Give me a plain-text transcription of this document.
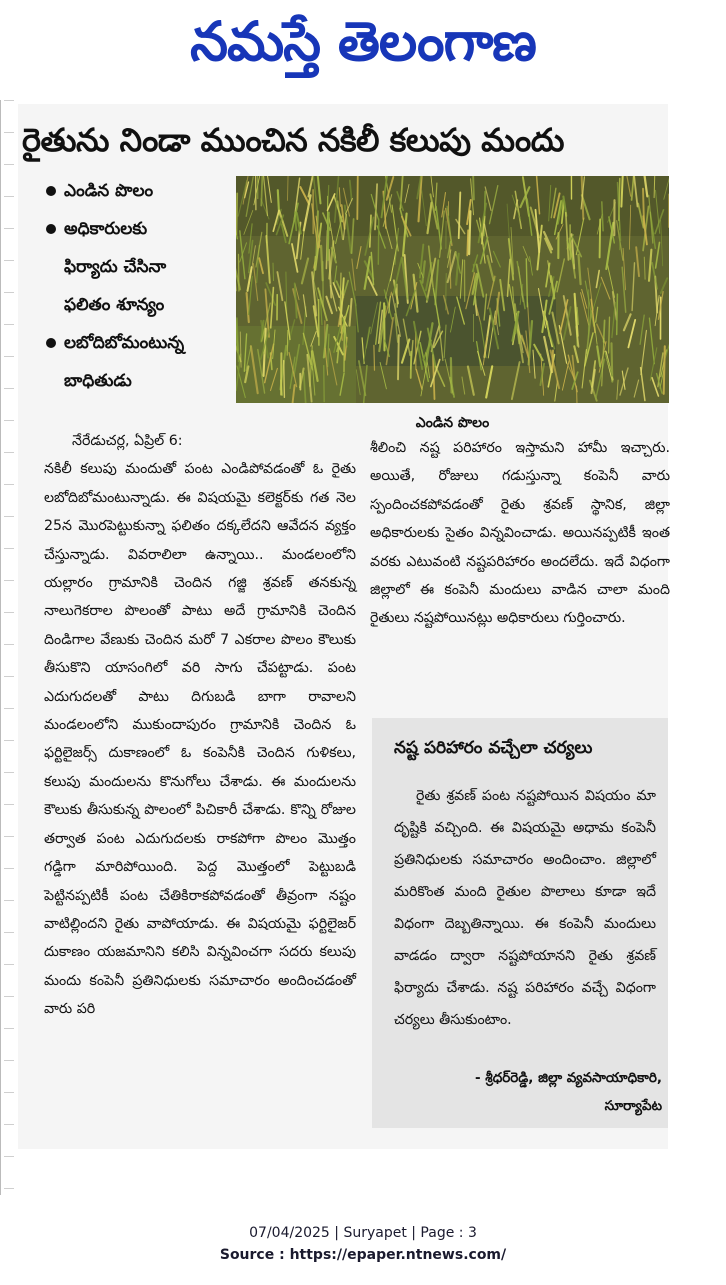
నమస్తే తెలంగాణ
రైతును నిండా ముంచిన నకిలీ కలుపు మందు
ఎండిన పొలం
అధికారులకు
ఫిర్యాదు చేసినా
ఫలితం శూన్యం
లబోదిబోమంటున్న
బాధితుడు
ఎండిన పొలం
నేరేడుచర్ల, ఏప్రిల్ 6:

నకిలీ కలుపు మందుతో పంట ఎండిపోవడంతో ఓ రైతు లబోదిబోమంటున్నాడు. ఈ విషయమై కలెక్టర్‌కు గత నెల 25న మొరపెట్టుకున్నా ఫలితం దక్కలేదని ఆవేదన వ్యక్తం చేస్తున్నాడు. వివరాలిలా ఉన్నాయి.. మండలంలోని యల్లారం గ్రామానికి చెందిన గజ్జి శ్రవణ్ తనకున్న నాలుగెకరాల పొలంతో పాటు అదే గ్రామానికి చెందిన దిండిగాల వేణుకు చెందిన మరో 7 ఎకరాల పొలం కౌలుకు తీసుకొని యాసంగిలో వరి సాగు చేపట్టాడు. పంట ఎదుగుదలతో పాటు దిగుబడి బాగా రావాలని మండలంలోని ముకుందాపురం గ్రామానికి చెందిన ఓ ఫర్టిలైజర్స్ దుకాణంలో ఓ కంపెనీకి చెందిన గుళికలు, కలుపు మందులను కొనుగోలు చేశాడు. ఈ మందులను కౌలుకు తీసుకున్న పొలంలో పిచికారీ చేశాడు. కొన్ని రోజుల తర్వాత పంట ఎదుగుదలకు రాకపోగా పొలం మొత్తం గడ్డిగా మారిపోయింది. పెద్ద మొత్తంలో పెట్టుబడి పెట్టినప్పటికీ పంట చేతికిరాకపోవడంతో తీవ్రంగా నష్టం వాటిల్లిందని రైతు వాపోయాడు. ఈ విషయమై ఫర్టిలైజర్ దుకాణం యజమానిని కలిసి విన్నవించగా సదరు కలుపు మందు కంపెనీ ప్రతినిధులకు సమాచారం అందించడంతో వారు పరి

శీలించి నష్ట పరిహారం ఇస్తామని హామీ ఇచ్చారు. అయితే, రోజులు గడుస్తున్నా కంపెనీ వారు స్పందించకపోవడంతో రైతు శ్రవణ్ స్థానిక, జిల్లా అధికారులకు సైతం విన్నవించాడు. అయినప్పటికీ ఇంత వరకు ఎటువంటి నష్టపరిహారం అందలేదు. ఇదే విధంగా జిల్లాలో ఈ కంపెనీ మందులు వాడిన చాలా మంది రైతులు నష్టపోయినట్లు అధికారులు గుర్తించారు.

నష్ట పరిహారం వచ్చేలా చర్యలు

రైతు శ్రవణ్ పంట నష్టపోయిన విషయం మా దృష్టికి వచ్చింది. ఈ విషయమై అధామ కంపెనీ ప్రతినిధులకు సమాచారం అందించాం. జిల్లాలో మరికొంత మంది రైతుల పొలాలు కూడా ఇదే విధంగా దెబ్బతిన్నాయి. ఈ కంపెనీ మందులు వాడడం ద్వారా నష్టపోయానని రైతు శ్రవణ్ ఫిర్యాదు చేశాడు. నష్ట పరిహారం వచ్చే విధంగా చర్యలు తీసుకుంటాం.

- శ్రీధర్‌రెడ్డి, జిల్లా వ్యవసాయాధికారి,
సూర్యాపేట
07/04/2025 | Suryapet | Page : 3
Source : https://epaper.ntnews.com/
